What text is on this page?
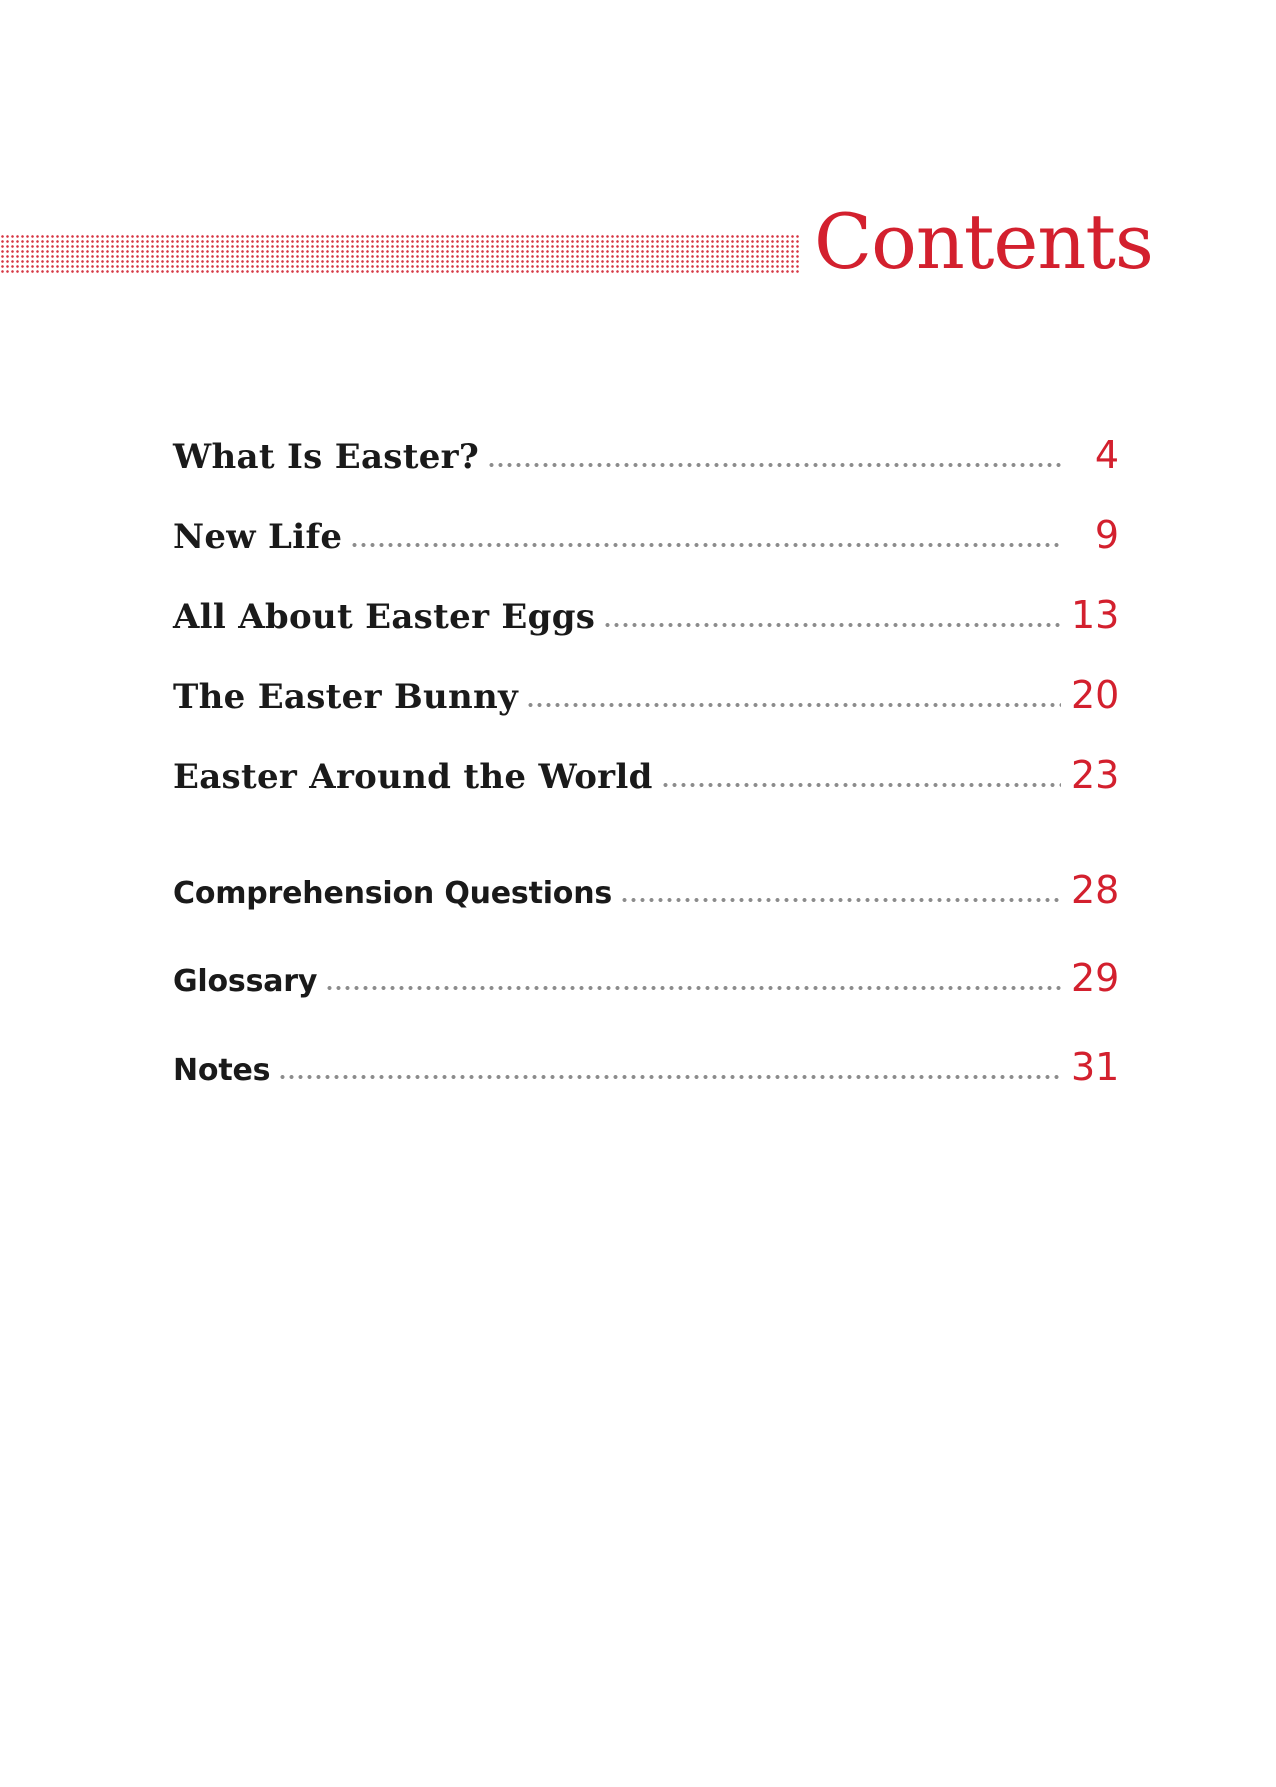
Contents
What Is Easter?	4
New Life	9
All About Easter Eggs	13
The Easter Bunny	20
Easter Around the World	23
Comprehension Questions	28
Glossary	29
Notes	31
